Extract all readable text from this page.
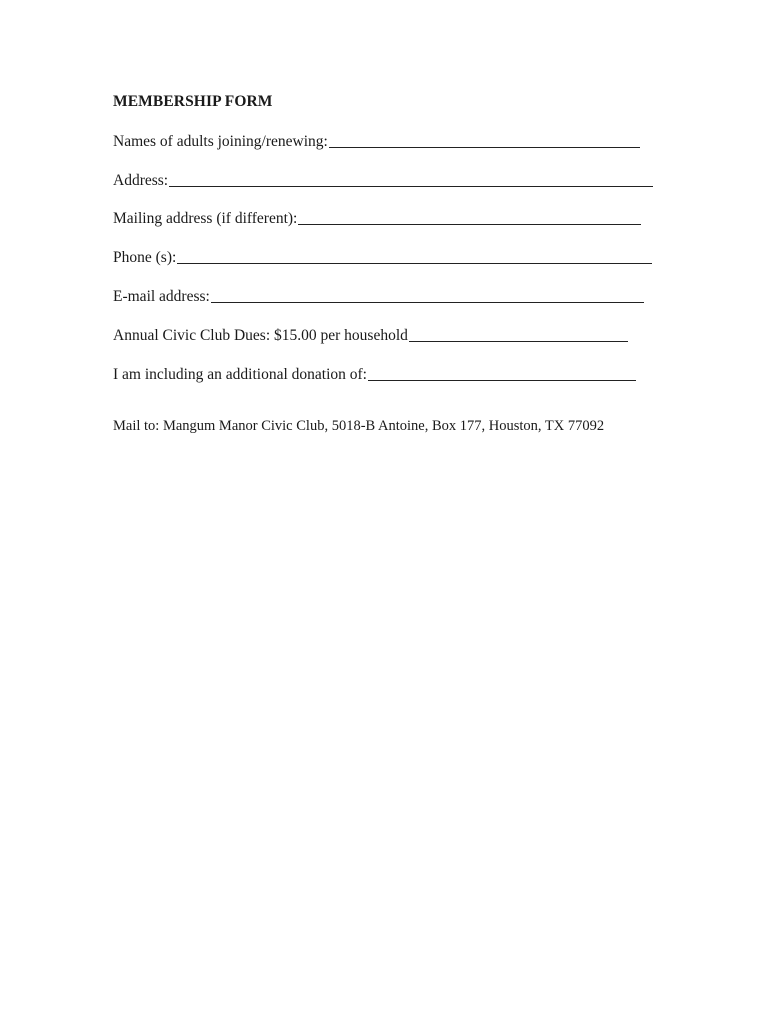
MEMBERSHIP FORM
Names of adults joining/renewing:
Address:
Mailing address (if different):
Phone (s):
E-mail address:
Annual Civic Club Dues: $15.00 per household
I am including an additional donation of:
Mail to: Mangum Manor Civic Club, 5018-B Antoine, Box 177, Houston, TX 77092
